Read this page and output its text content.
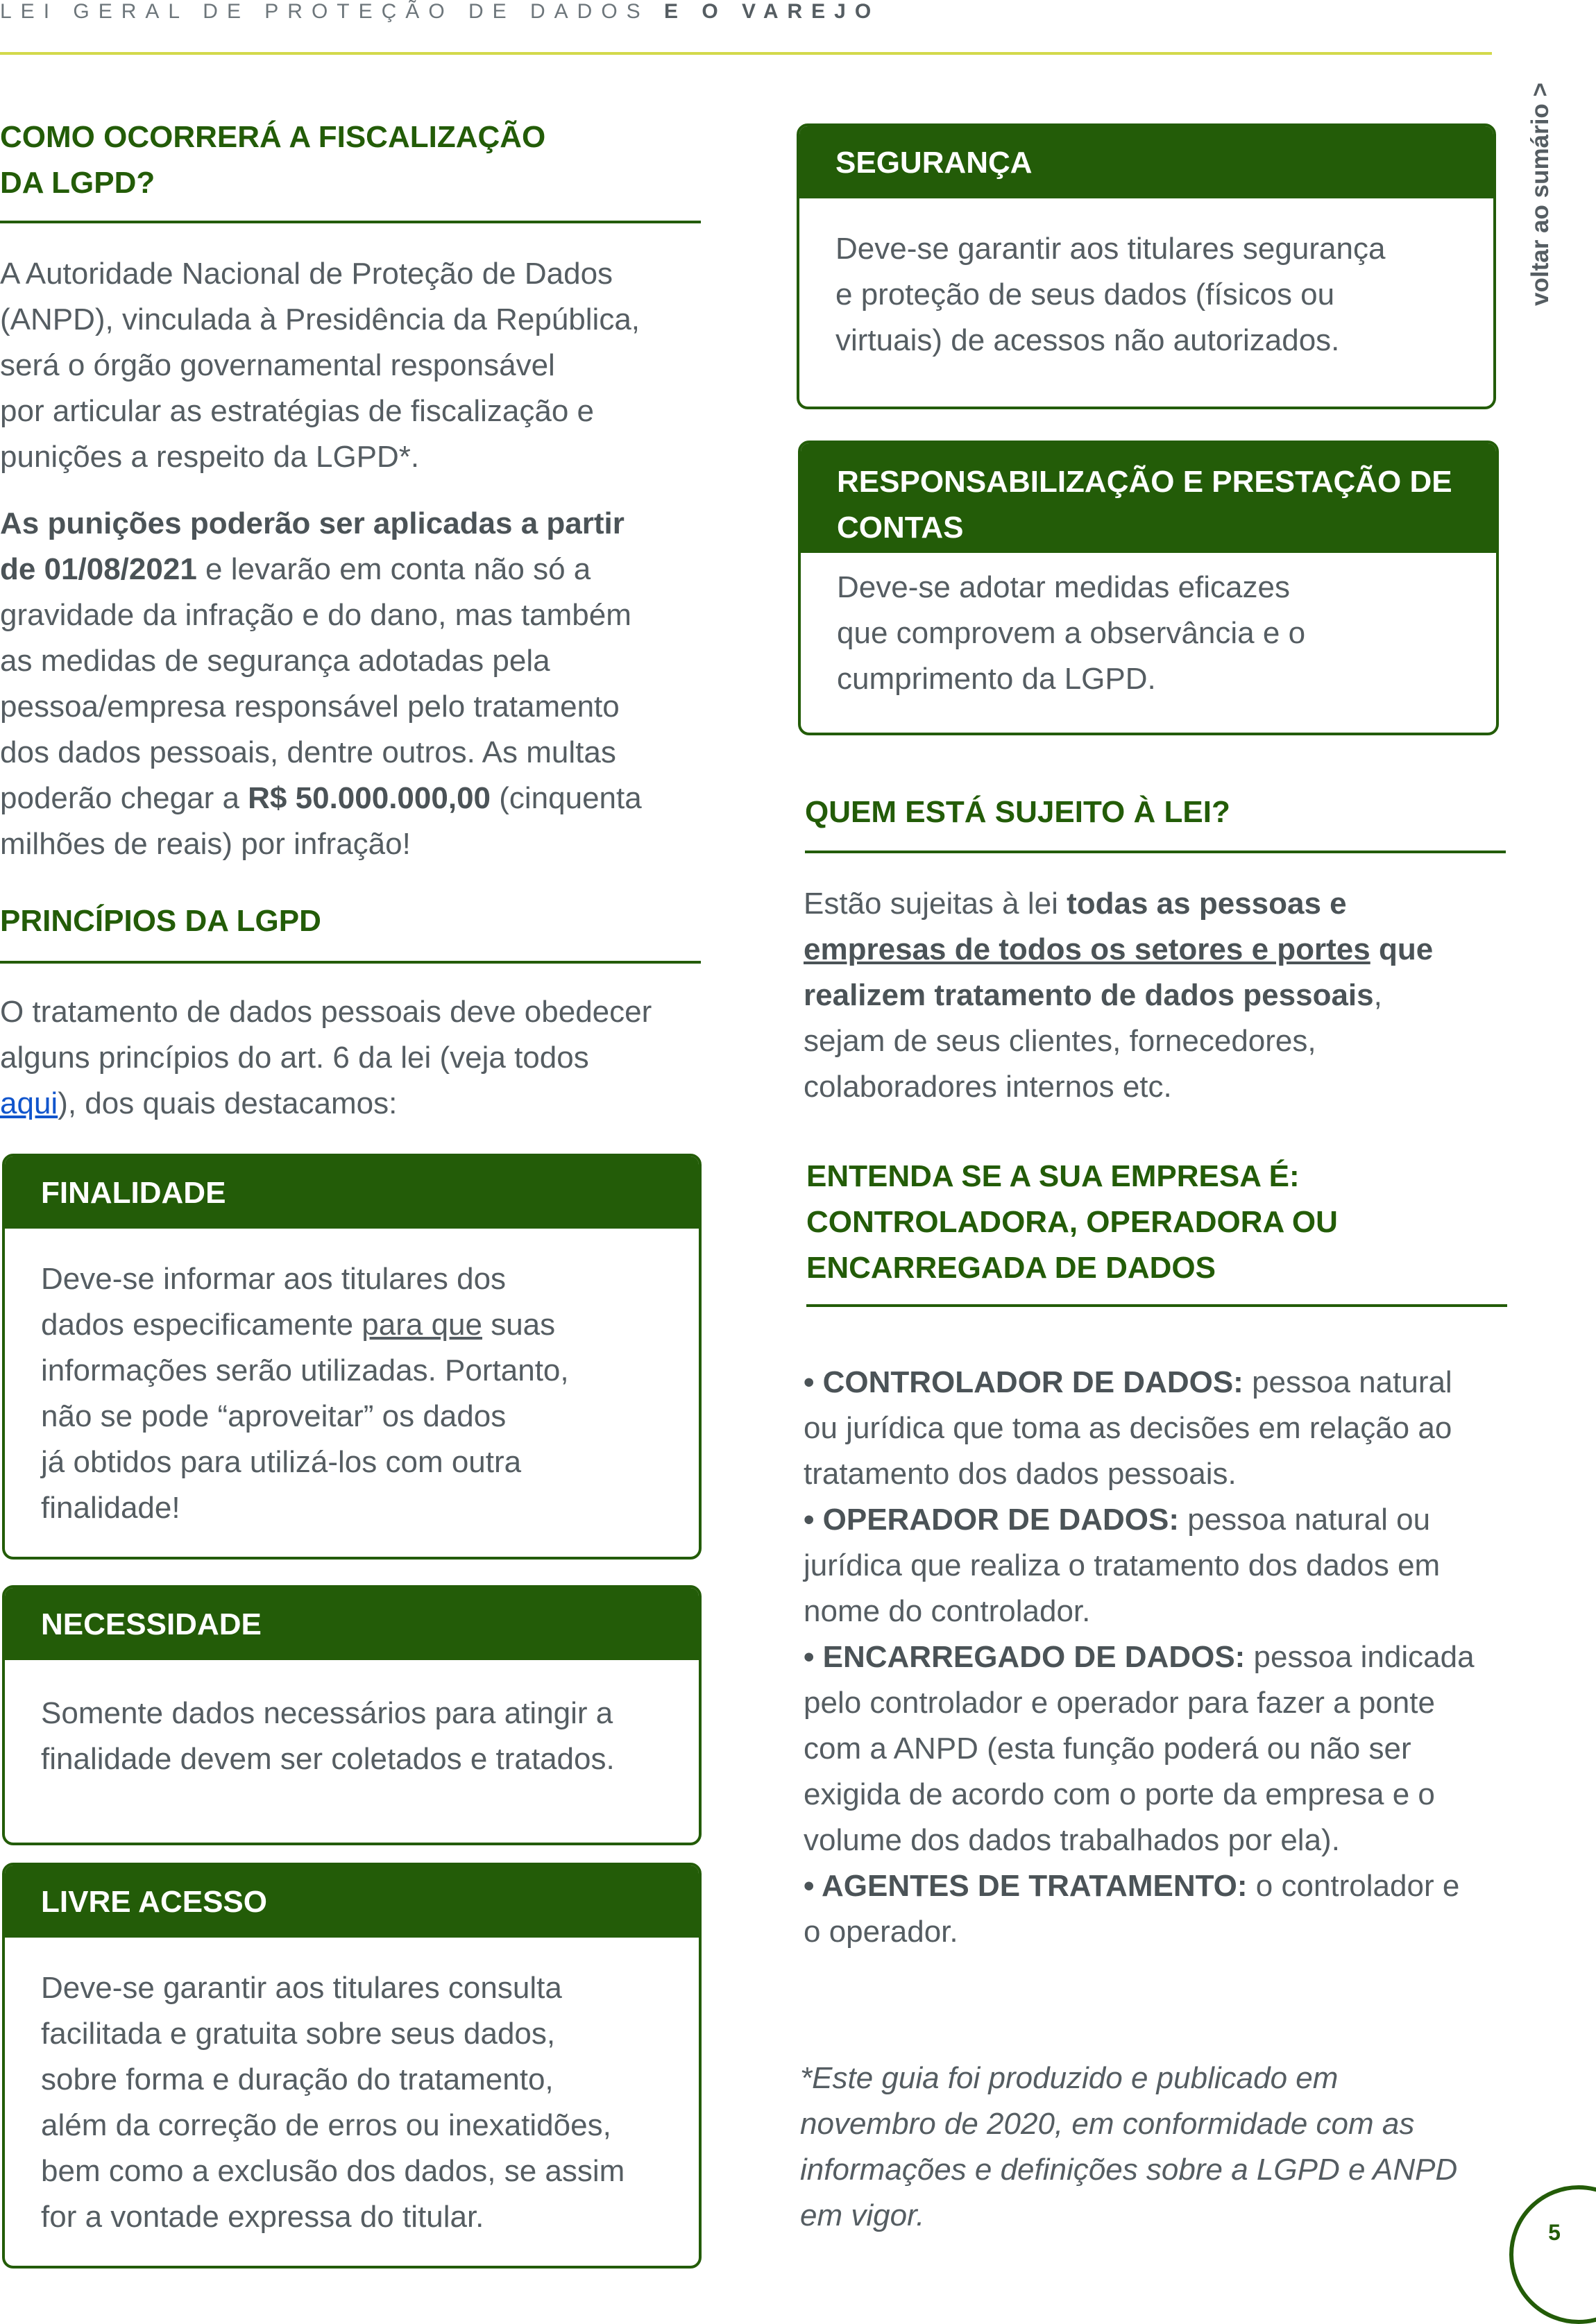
LEI GERAL DE PROTEÇÃO DE DADOS E O VAREJO
voltar ao sumário >
COMO OCORRERÁ A FISCALIZAÇÃO
DA LGPD?
A Autoridade Nacional de Proteção de Dados
(ANPD), vinculada à Presidência da República,
será o órgão governamental responsável
por articular as estratégias de fiscalização e
punições a respeito da LGPD*.
As punições poderão ser aplicadas a partir
de 01/08/2021 e levarão em conta não só a
gravidade da infração e do dano, mas também
as medidas de segurança adotadas pela
pessoa/empresa responsável pelo tratamento
dos dados pessoais, dentre outros. As multas
poderão chegar a R$ 50.000.000,00 (cinquenta
milhões de reais) por infração!
PRINCÍPIOS DA LGPD
O tratamento de dados pessoais deve obedecer
alguns princípios do art. 6 da lei (veja todos
aqui), dos quais destacamos:
FINALIDADE
Deve-se informar aos titulares dos
dados especificamente para que suas
informações serão utilizadas. Portanto,
não se pode “aproveitar” os dados
já obtidos para utilizá-los com outra
finalidade!
NECESSIDADE
Somente dados necessários para atingir a
finalidade devem ser coletados e tratados.
LIVRE ACESSO
Deve-se garantir aos titulares consulta
facilitada e gratuita sobre seus dados,
sobre forma e duração do tratamento,
além da correção de erros ou inexatidões,
bem como a exclusão dos dados, se assim
for a vontade expressa do titular.
SEGURANÇA
Deve-se garantir aos titulares segurança
e proteção de seus dados (físicos ou
virtuais) de acessos não autorizados.
RESPONSABILIZAÇÃO E PRESTAÇÃO DE
CONTAS
Deve-se adotar medidas eficazes
que comprovem a observância e o
cumprimento da LGPD.
QUEM ESTÁ SUJEITO À LEI?
Estão sujeitas à lei todas as pessoas e
empresas de todos os setores e portes que
realizem tratamento de dados pessoais,
sejam de seus clientes, fornecedores,
colaboradores internos etc.
ENTENDA SE A SUA EMPRESA É:
CONTROLADORA, OPERADORA OU
ENCARREGADA DE DADOS
• CONTROLADOR DE DADOS: pessoa natural
ou jurídica que toma as decisões em relação ao
tratamento dos dados pessoais.
• OPERADOR DE DADOS: pessoa natural ou
jurídica que realiza o tratamento dos dados em
nome do controlador.
• ENCARREGADO DE DADOS: pessoa indicada
pelo controlador e operador para fazer a ponte
com a ANPD (esta função poderá ou não ser
exigida de acordo com o porte da empresa e o
volume dos dados trabalhados por ela).
• AGENTES DE TRATAMENTO: o controlador e
o operador.
*Este guia foi produzido e publicado em
novembro de 2020, em conformidade com as
informações e definições sobre a LGPD e ANPD
em vigor.	5
